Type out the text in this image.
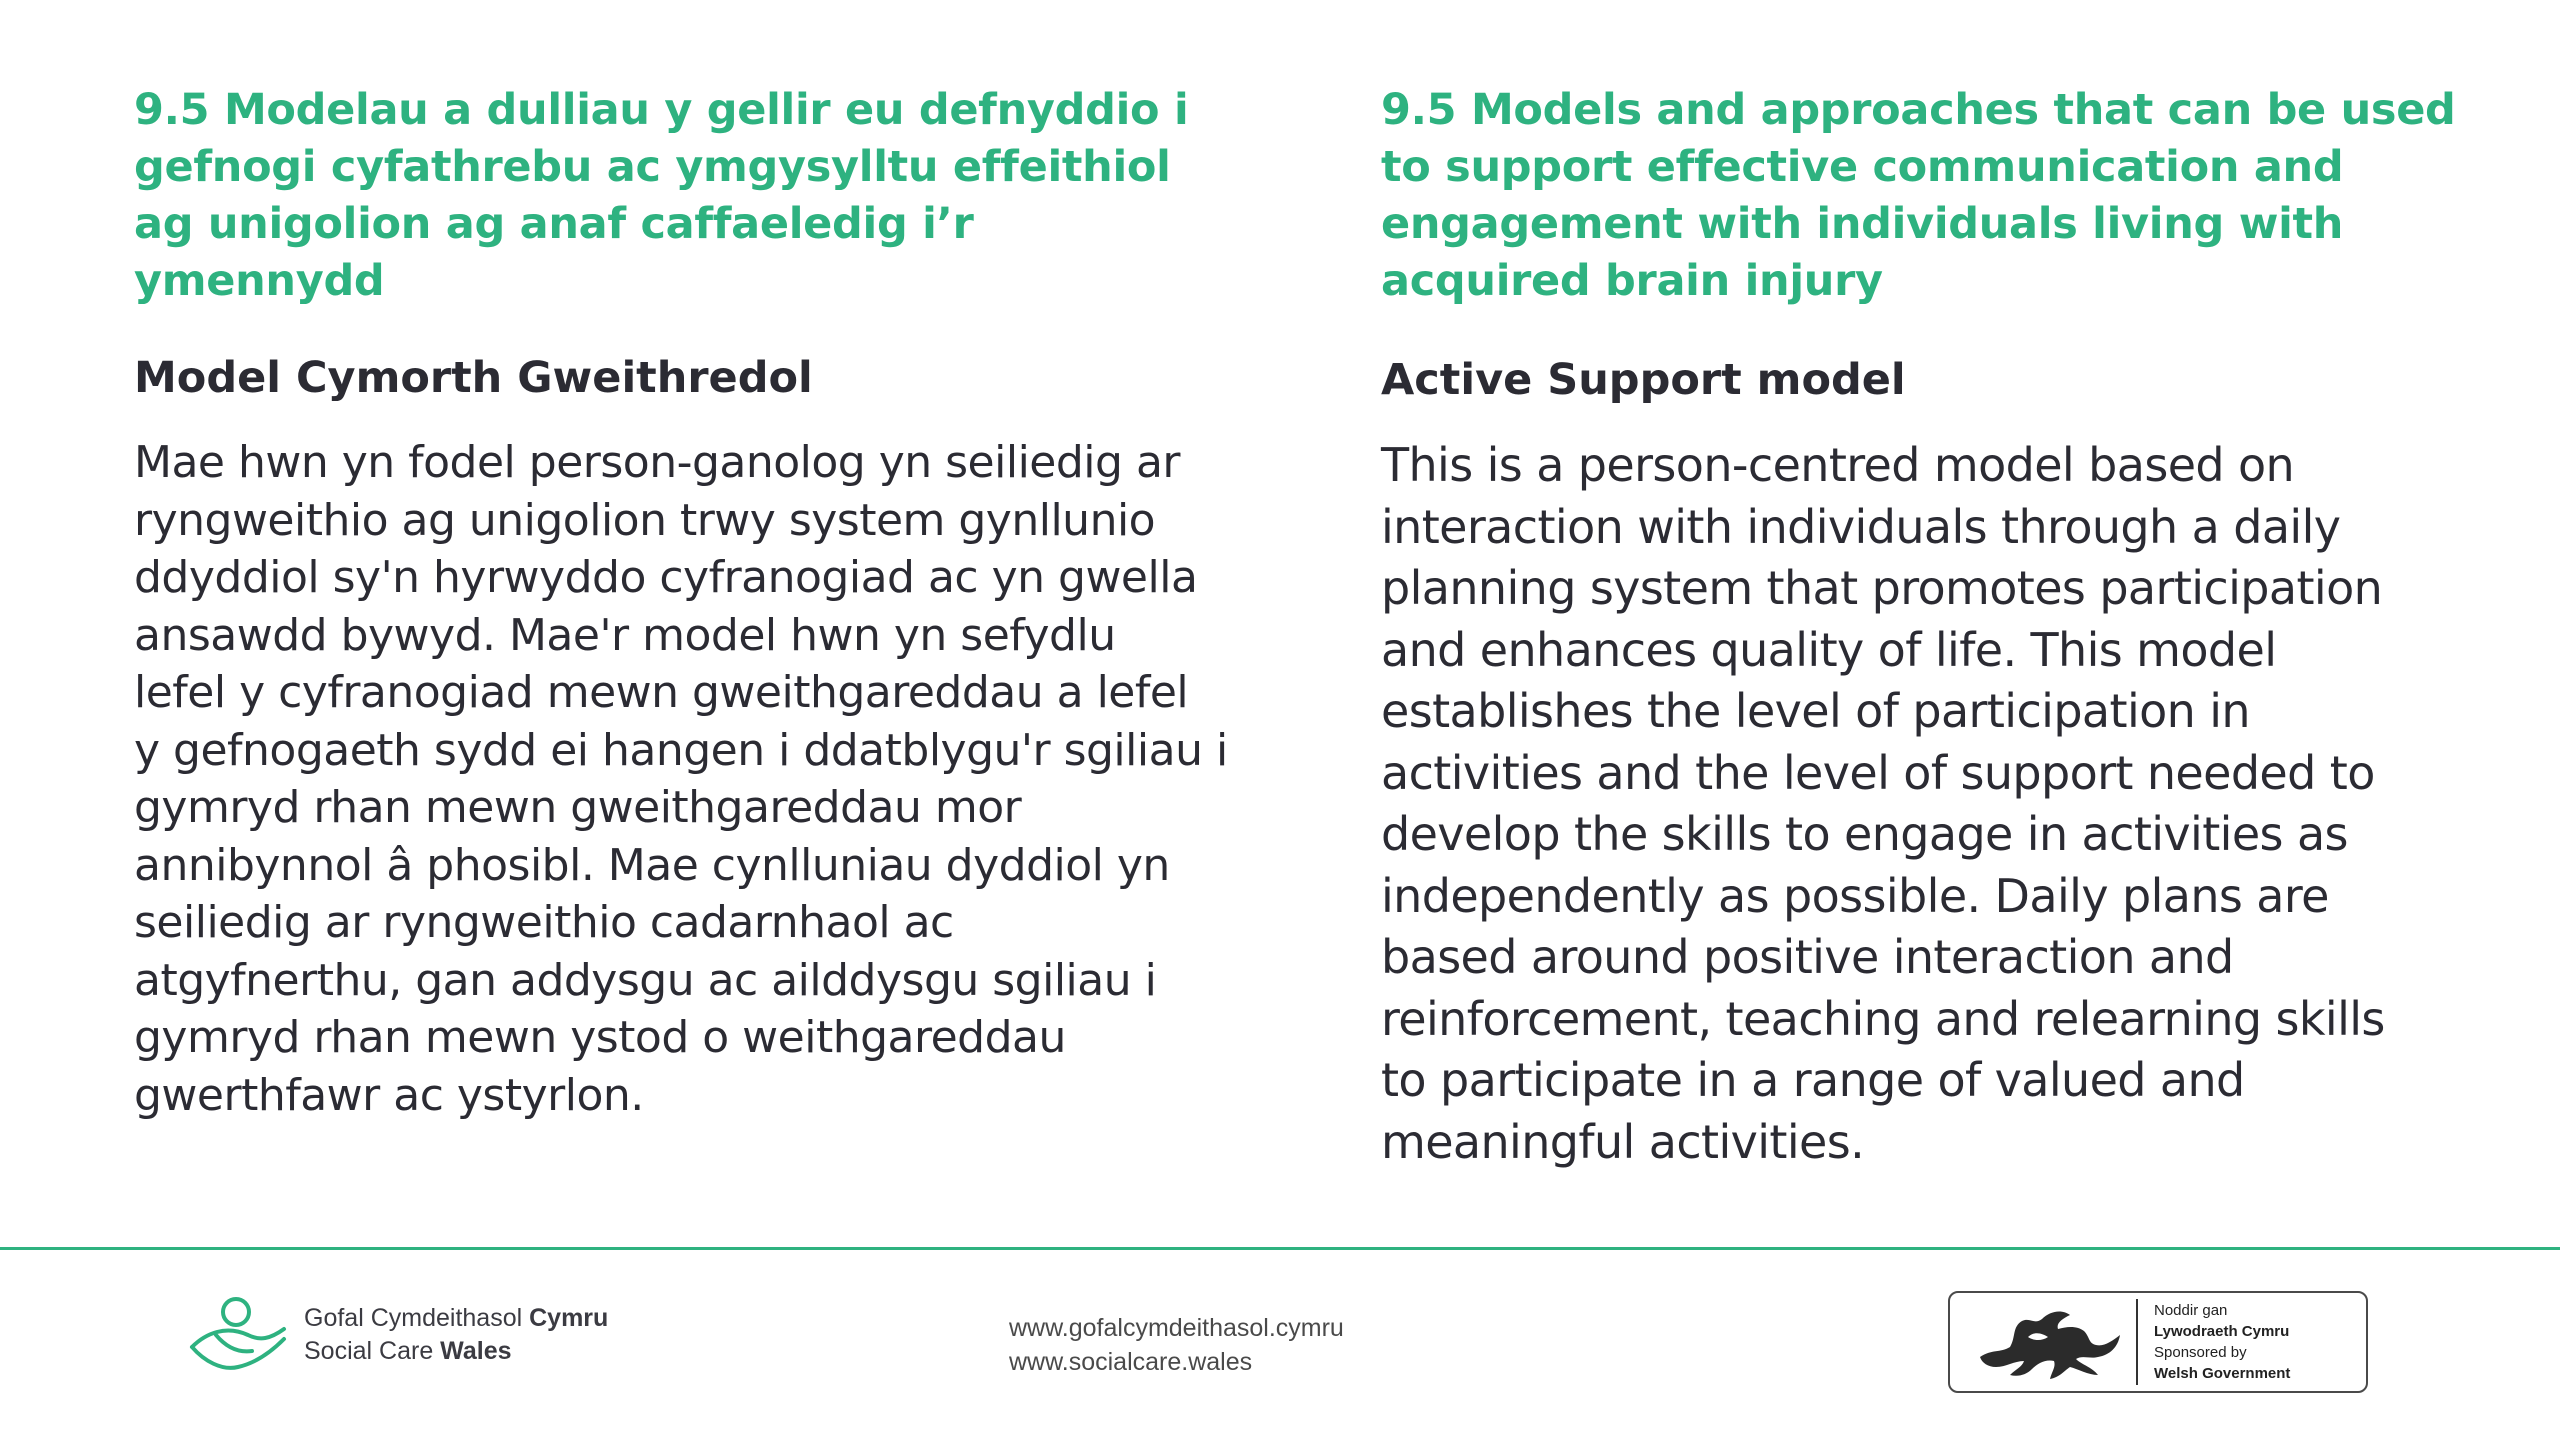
9.5 Modelau a dulliau y gellir eu defnyddio i
gefnogi cyfathrebu ac ymgysylltu effeithiol
ag unigolion ag anaf caffaeledig i’r
ymennydd
Model Cymorth Gweithredol

Mae hwn yn fodel person-ganolog yn seiliedig ar
ryngweithio ag unigolion trwy system gynllunio
ddyddiol sy'n hyrwyddo cyfranogiad ac yn gwella
ansawdd bywyd. Mae'r model hwn yn sefydlu
lefel y cyfranogiad mewn gweithgareddau a lefel
y gefnogaeth sydd ei hangen i ddatblygu'r sgiliau i
gymryd rhan mewn gweithgareddau mor
annibynnol â phosibl. Mae cynlluniau dyddiol yn
seiliedig ar ryngweithio cadarnhaol ac
atgyfnerthu, gan addysgu ac ailddysgu sgiliau i
gymryd rhan mewn ystod o weithgareddau
gwerthfawr ac ystyrlon.

9.5 Models and approaches that can be used
to support effective communication and
engagement with individuals living with
acquired brain injury
Active Support model

This is a person-centred model based on
interaction with individuals through a daily
planning system that promotes participation
and enhances quality of life. This model
establishes the level of participation in
activities and the level of support needed to
develop the skills to engage in activities as
independently as possible. Daily plans are
based around positive interaction and
reinforcement, teaching and relearning skills
to participate in a range of valued and
meaningful activities.

Gofal Cymdeithasol Cymru
Social Care Wales
www.gofalcymdeithasol.cymru
www.socialcare.wales
Noddir gan
Lywodraeth Cymru
Sponsored by
Welsh Government
